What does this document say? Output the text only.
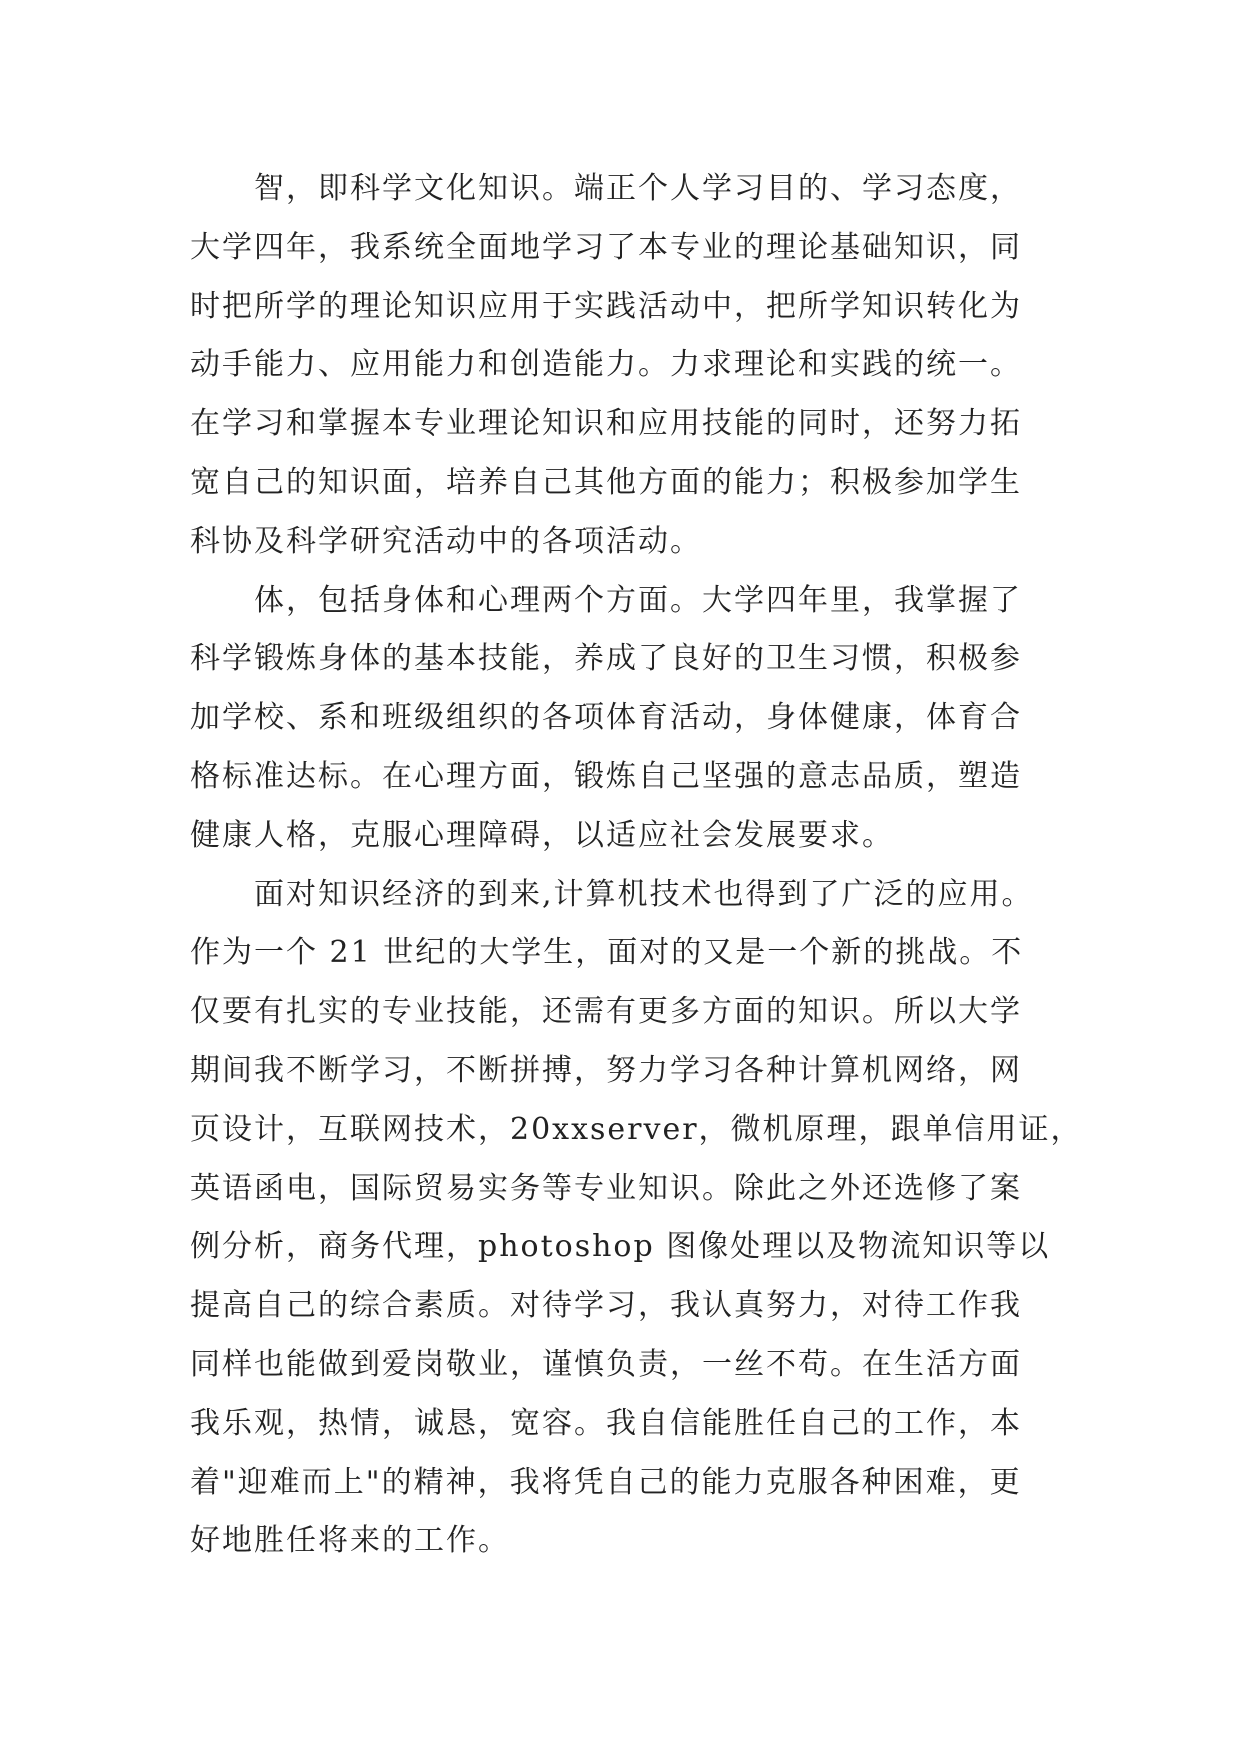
智，即科学文化知识。端正个人学习目的、学习态度，
大学四年，我系统全面地学习了本专业的理论基础知识，同
时把所学的理论知识应用于实践活动中，把所学知识转化为
动手能力、应用能力和创造能力。力求理论和实践的统一。
在学习和掌握本专业理论知识和应用技能的同时，还努力拓
宽自己的知识面，培养自己其他方面的能力；积极参加学生
科协及科学研究活动中的各项活动。
体，包括身体和心理两个方面。大学四年里，我掌握了
科学锻炼身体的基本技能，养成了良好的卫生习惯，积极参
加学校、系和班级组织的各项体育活动，身体健康，体育合
格标准达标。在心理方面，锻炼自己坚强的意志品质，塑造
健康人格，克服心理障碍，以适应社会发展要求。
面对知识经济的到来,计算机技术也得到了广泛的应用。
作为一个 21 世纪的大学生，面对的又是一个新的挑战。不
仅要有扎实的专业技能，还需有更多方面的知识。所以大学
期间我不断学习，不断拼搏，努力学习各种计算机网络，网
页设计，互联网技术，20xxserver，微机原理，跟单信用证，
英语函电，国际贸易实务等专业知识。除此之外还选修了案
例分析，商务代理，photoshop 图像处理以及物流知识等以
提高自己的综合素质。对待学习，我认真努力，对待工作我
同样也能做到爱岗敬业，谨慎负责，一丝不苟。在生活方面
我乐观，热情，诚恳，宽容。我自信能胜任自己的工作，本
着"迎难而上"的精神，我将凭自己的能力克服各种困难，更
好地胜任将来的工作。
